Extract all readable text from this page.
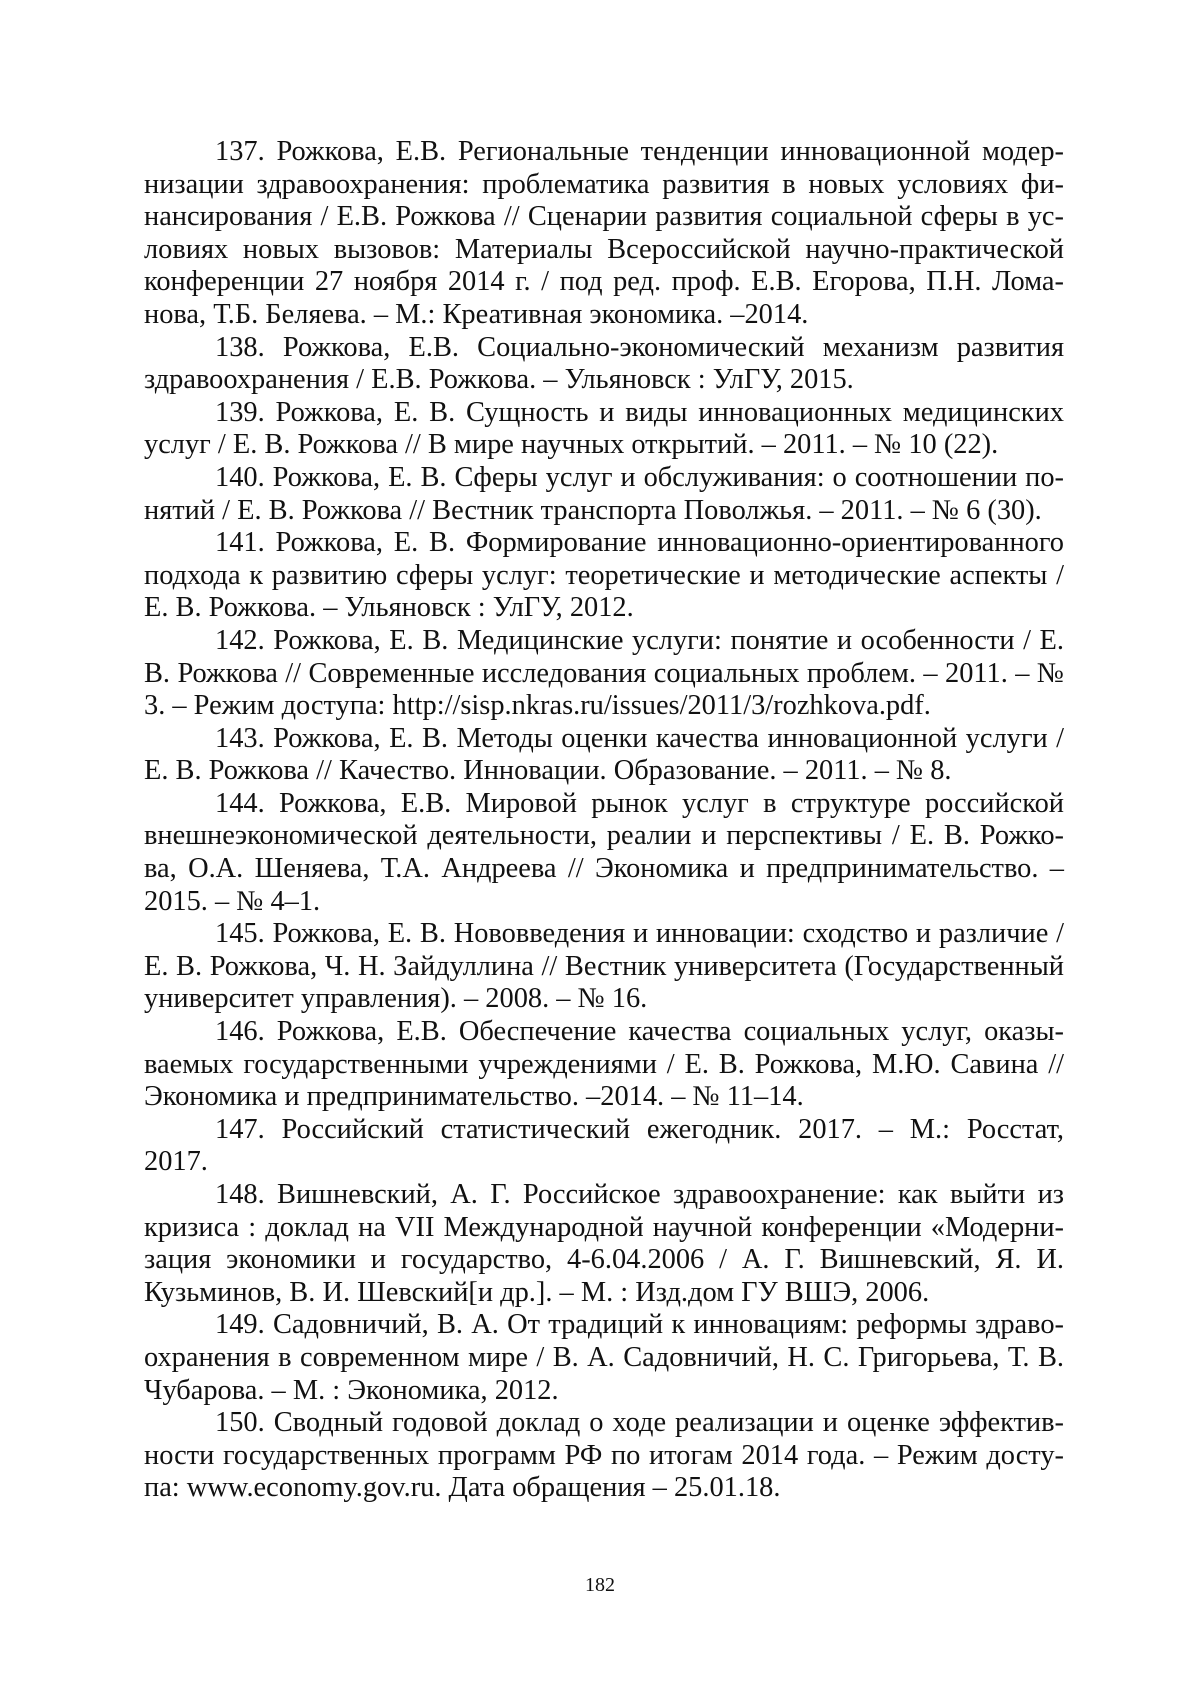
137. Рожкова, Е.В. Региональные тенденции инновационной модернизации здравоохранения: проблематика развития в новых условиях финансирования / Е.В. Рожкова // Сценарии развития социальной сферы в условиях новых вызовов: Материалы Всероссийской научно-практической конференции 27 ноября 2014 г. / под ред. проф. Е.В. Егорова, П.Н. Ломанова, Т.Б. Беляева. – М.: Креативная экономика. –2014.
138. Рожкова, Е.В. Социально-экономический механизм развития здравоохранения / Е.В. Рожкова. – Ульяновск : УлГУ, 2015.
139. Рожкова, Е. В. Сущность и виды инновационных медицинских услуг / Е. В. Рожкова // В мире научных открытий. – 2011. – № 10 (22).
140. Рожкова, Е. В. Сферы услуг и обслуживания: о соотношении понятий / Е. В. Рожкова // Вестник транспорта Поволжья. – 2011. – № 6 (30).
141. Рожкова, Е. В. Формирование инновационно-ориентированного подхода к развитию сферы услуг: теоретические и методические аспекты / Е. В. Рожкова. – Ульяновск : УлГУ, 2012.
142. Рожкова, Е. В. Медицинские услуги: понятие и особенности / Е. В. Рожкова // Современные исследования социальных проблем. – 2011. – № 3. – Режим доступа: http://sisp.nkras.ru/issues/2011/3/rozhkova.pdf.
143. Рожкова, Е. В. Методы оценки качества инновационной услуги / Е. В. Рожкова // Качество. Инновации. Образование. – 2011. – № 8.
144. Рожкова, Е.В. Мировой рынок услуг в структуре российской внешнеэкономической деятельности, реалии и перспективы / Е. В. Рожкова, О.А. Шеняева, Т.А. Андреева // Экономика и предпринимательство. – 2015. – № 4–1.
145. Рожкова, Е. В. Нововведения и инновации: сходство и различие / Е. В. Рожкова, Ч. Н. Зайдуллина // Вестник университета (Государственный университет управления). – 2008. – № 16.
146. Рожкова, Е.В. Обеспечение качества социальных услуг, оказываемых государственными учреждениями / Е. В. Рожкова, М.Ю. Савина // Экономика и предпринимательство. –2014. – № 11–14.
147. Российский статистический ежегодник. 2017. – М.: Росстат, 2017.
148. Вишневский, А. Г. Российское здравоохранение: как выйти из кризиса : доклад на VII Международной научной конференции «Модернизация экономики и государство, 4-6.04.2006 / А. Г. Вишневский, Я. И. Кузьминов, В. И. Шевский[и др.]. – М. : Изд.дом ГУ ВШЭ, 2006.
149. Садовничий, В. А. От традиций к инновациям: реформы здравоохранения в современном мире / В. А. Садовничий, Н. С. Григорьева, Т. В. Чубарова. – М. : Экономика, 2012.
150. Сводный годовой доклад о ходе реализации и оценке эффективности государственных программ РФ по итогам 2014 года. – Режим доступа: www.economy.gov.ru. Дата обращения – 25.01.18.
182
